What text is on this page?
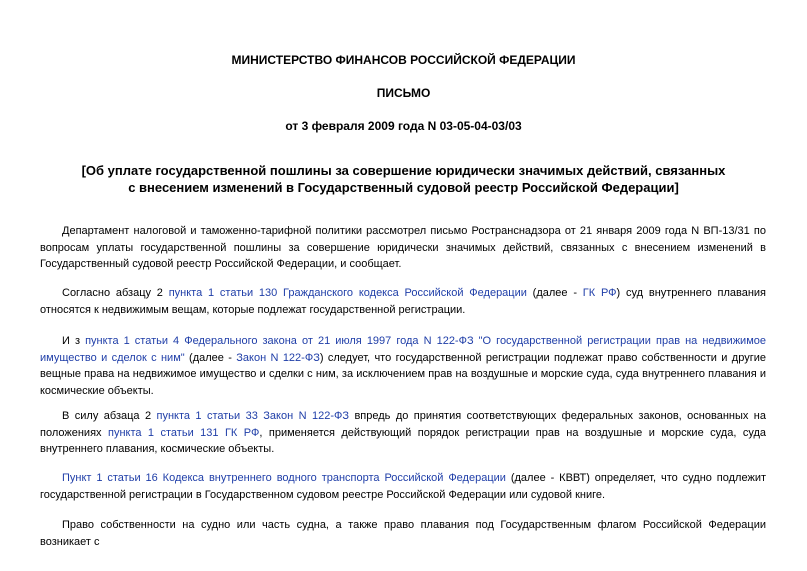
МИНИСТЕРСТВО ФИНАНСОВ РОССИЙСКОЙ ФЕДЕРАЦИИ
ПИСЬМО
от 3 февраля 2009 года N 03-05-04-03/03
[Об уплате государственной пошлины за совершение юридически значимых действий, связанных
с внесением изменений в Государственный судовой реестр Российской Федерации]

Департамент налоговой и таможенно-тарифной политики рассмотрел письмо Ространснадзора от 21 января 2009 года N ВП-13/31 по вопросам уплаты государственной пошлины за совершение юридически значимых действий, связанных с внесением изменений в Государственный судовой реестр Российской Федерации, и сообщает.

Согласно абзацу 2 пункта 1 статьи 130 Гражданского кодекса Российской Федерации (далее - ГК РФ) суд внутреннего плавания относятся к недвижимым вещам, которые подлежат государственной регистрации.

И з пункта 1 статьи 4 Федерального закона от 21 июля 1997 года N 122-ФЗ "О государственной регистрации прав на недвижимое имущество и сделок с ним" (далее - Закон N 122-ФЗ) следует, что государственной регистрации подлежат право собственности и другие вещные права на недвижимое имущество и сделки с ним, за исключением прав на воздушные и морские суда, суда внутреннего плавания и космические объекты.

В силу абзаца 2 пункта 1 статьи 33 Закон N 122-ФЗ впредь до принятия соответствующих федеральных законов, основанных на положениях пункта 1 статьи 131 ГК РФ, применяется действующий порядок регистрации прав на воздушные и морские суда, суда внутреннего плавания, космические объекты.

Пункт 1 статьи 16 Кодекса внутреннего водного транспорта Российской Федерации (далее - КВВТ) определяет, что судно подлежит государственной регистрации в Государственном судовом реестре Российской Федерации или судовой книге.

Право собственности на судно или часть судна, а также право плавания под Государственным флагом Российской Федерации возникает с
